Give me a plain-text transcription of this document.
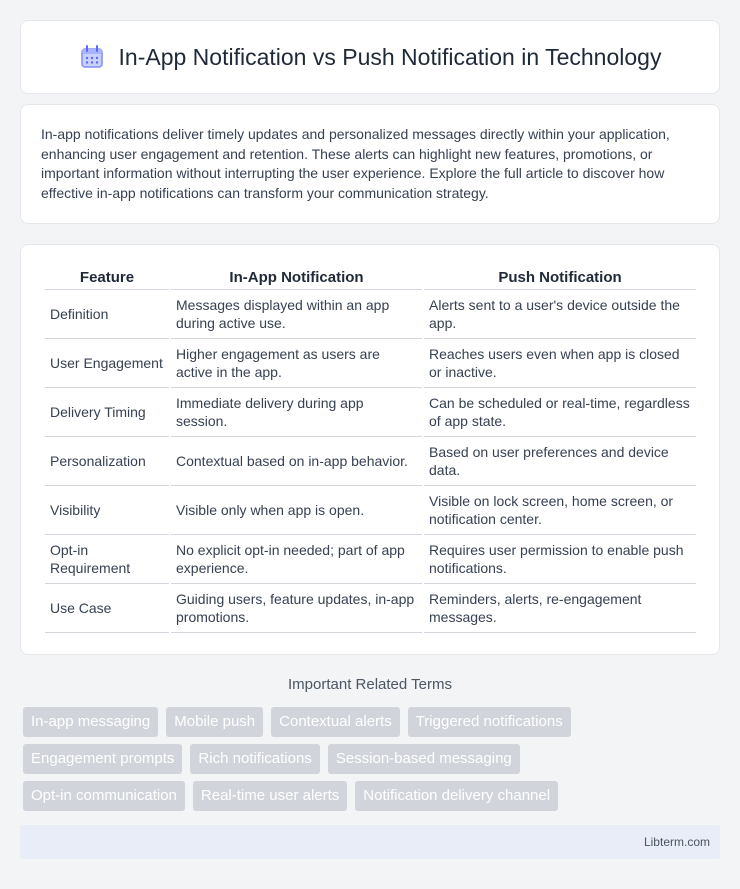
In-App Notification vs Push Notification in Technology

In-app notifications deliver timely updates and personalized messages directly within your application, enhancing user engagement and retention. These alerts can highlight new features, promotions, or important information without interrupting the user experience. Explore the full article to discover how effective in-app notifications can transform your communication strategy.

Feature	In-App Notification	Push Notification
Definition	Messages displayed within an app during active use.	Alerts sent to a user's device outside the app.
User Engagement	Higher engagement as users are active in the app.	Reaches users even when app is closed or inactive.
Delivery Timing	Immediate delivery during app session.	Can be scheduled or real-time, regardless of app state.
Personalization	Contextual based on in-app behavior.	Based on user preferences and device data.
Visibility	Visible only when app is open.	Visible on lock screen, home screen, or notification center.
Opt-in Requirement	No explicit opt-in needed; part of app experience.	Requires user permission to enable push notifications.
Use Case	Guiding users, feature updates, in-app promotions.	Reminders, alerts, re-engagement messages.
Important Related Terms
In-app messaging	Mobile push	Contextual alerts	Triggered notifications
Engagement prompts	Rich notifications	Session-based messaging
Opt-in communication	Real-time user alerts	Notification delivery channel
Libterm.com
